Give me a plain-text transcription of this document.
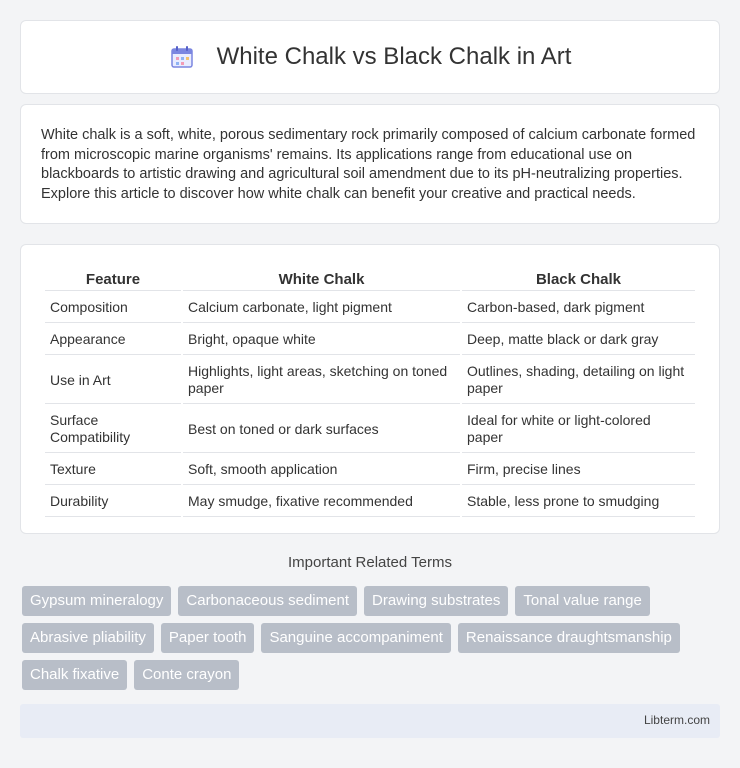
White Chalk vs Black Chalk in Art

White chalk is a soft, white, porous sedimentary rock primarily composed of calcium carbonate formed from microscopic marine organisms' remains. Its applications range from educational use on blackboards to artistic drawing and agricultural soil amendment due to its pH-neutralizing properties. Explore this article to discover how white chalk can benefit your creative and practical needs.

Feature	White Chalk	Black Chalk
Composition	Calcium carbonate, light pigment	Carbon-based, dark pigment
Appearance	Bright, opaque white	Deep, matte black or dark gray
Use in Art	Highlights, light areas, sketching on toned paper	Outlines, shading, detailing on light paper
Surface Compatibility	Best on toned or dark surfaces	Ideal for white or light-colored paper
Texture	Soft, smooth application	Firm, precise lines
Durability	May smudge, fixative recommended	Stable, less prone to smudging
Important Related Terms
Gypsum mineralogy	Carbonaceous sediment	Drawing substrates	Tonal value range
Abrasive pliability	Paper tooth	Sanguine accompaniment	Renaissance draughtsmanship
Chalk fixative	Conte crayon
Libterm.com
